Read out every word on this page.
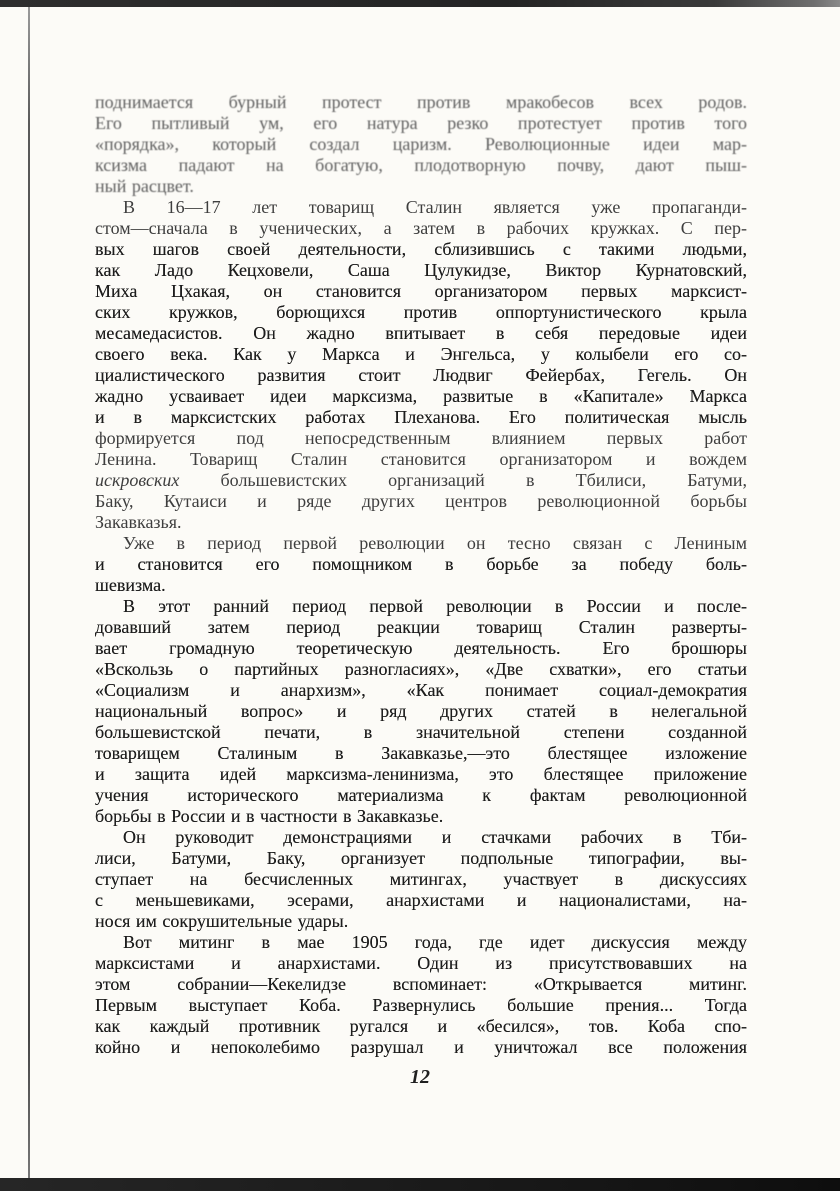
поднимается бурный протест против мракобесов всех родов.
Его пытливый ум, его натура резко протестует против того
«порядка», который создал царизм. Революционные идеи мар-
ксизма падают на богатую, плодотворную почву, дают пыш-
ный расцвет.
В 16—17 лет товарищ Сталин является уже пропаганди-
стом—сначала в ученических, а затем в рабочих кружках. С пер-
вых шагов своей деятельности, сблизившись с такими людьми,
как Ладо Кецховели, Саша Цулукидзе, Виктор Курнатовский,
Миха Цхакая, он становится организатором первых марксист-
ских кружков, борющихся против оппортунистического крыла
месамедасистов. Он жадно впитывает в себя передовые идеи
своего века. Как у Маркса и Энгельса, у колыбели его со-
циалистического развития стоит Людвиг Фейербах, Гегель. Он
жадно усваивает идеи марксизма, развитые в «Капитале» Маркса
и в марксистских работах Плеханова. Его политическая мысль
формируется под непосредственным влиянием первых работ
Ленина. Товарищ Сталин становится организатором и вождем
искровских большевистских организаций в Тбилиси, Батуми,
Баку, Кутаиси и ряде других центров революционной борьбы
Закавказья.
Уже в период первой революции он тесно связан с Лениным
и становится его помощником в борьбе за победу боль-
шевизма.
В этот ранний период первой революции в России и после-
довавший затем период реакции товарищ Сталин разверты-
вает громадную теоретическую деятельность. Его брошюры
«Вскользь о партийных разногласиях», «Две схватки», его статьи
«Социализм и анархизм», «Как понимает социал-демократия
национальный вопрос» и ряд других статей в нелегальной
большевистской печати, в значительной степени созданной
товарищем Сталиным в Закавказье,—это блестящее изложение
и защита идей марксизма-ленинизма, это блестящее приложение
учения исторического материализма к фактам революционной
борьбы в России и в частности в Закавказье.
Он руководит демонстрациями и стачками рабочих в Тби-
лиси, Батуми, Баку, организует подпольные типографии, вы-
ступает на бесчисленных митингах, участвует в дискуссиях
с меньшевиками, эсерами, анархистами и националистами, на-
нося им сокрушительные удары.
Вот митинг в мае 1905 года, где идет дискуссия между
марксистами и анархистами. Один из присутствовавших на
этом собрании—Кекелидзе вспоминает: «Открывается митинг.
Первым выступает Коба. Развернулись большие прения... Тогда
как каждый противник ругался и «бесился», тов. Коба спо-
койно и непоколебимо разрушал и уничтожал все положения
12
